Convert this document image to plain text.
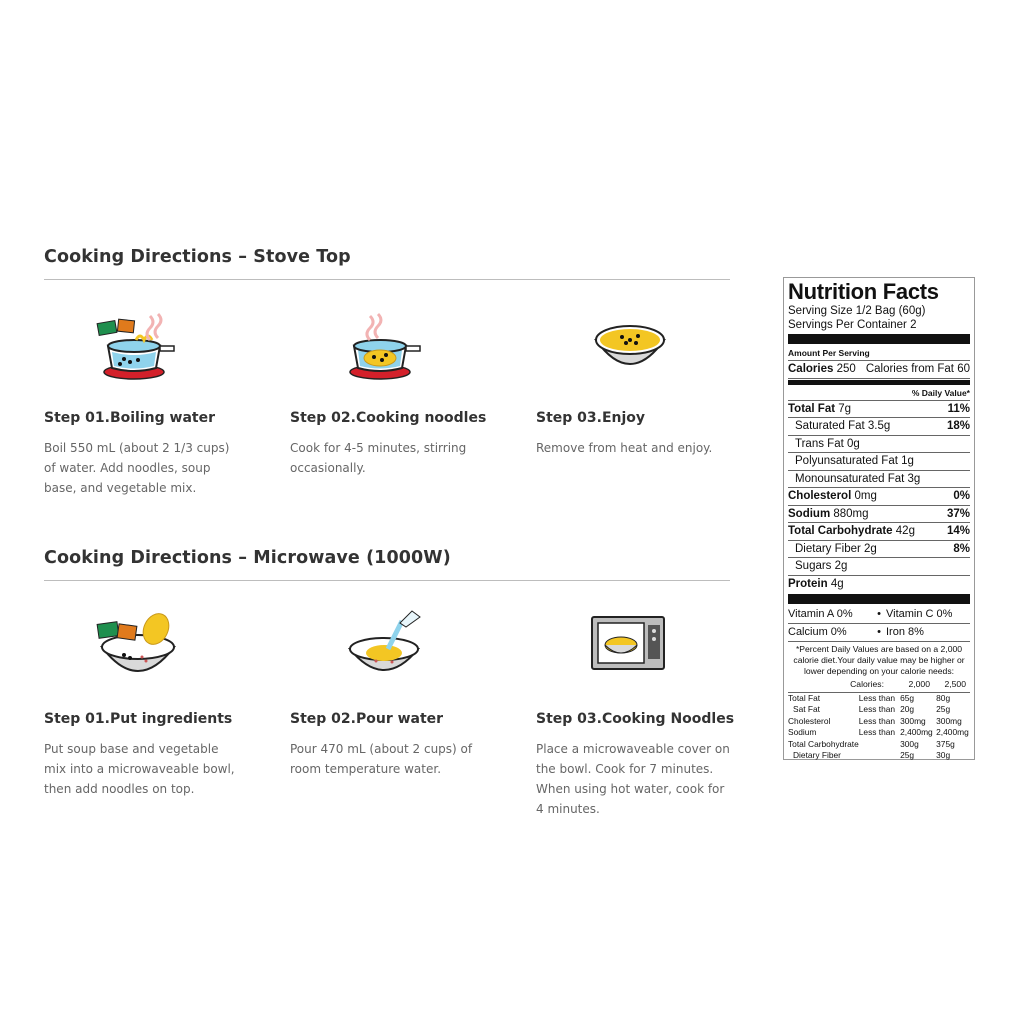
Cooking Directions – Stove Top
Step 01.Boiling water
Boil 550 mL (about 2 1/3 cups) of water. Add noodles, soup base, and vegetable mix.
Step 02.Cooking noodles
Cook for 4-5 minutes, stirring occasionally.
Step 03.Enjoy
Remove from heat and enjoy.
Cooking Directions – Microwave (1000W)
Step 01.Put ingredients
Put soup base and vegetable mix into a microwaveable bowl, then add noodles on top.
Step 02.Pour water
Pour 470 mL (about 2 cups) of room temperature water.
Step 03.Cooking Noodles
Place a microwaveable cover on the bowl. Cook for 7 minutes. When using hot water, cook for 4 minutes.
Nutrition Facts
Serving Size 1/2 Bag (60g)
Servings Per Container 2
Amount Per Serving
Calories 250 Calories from Fat 60
% Daily Value*
Total Fat 7g	11%
Saturated Fat 3.5g	18%
Trans Fat 0g
Polyunsaturated Fat 1g
Monounsaturated Fat 3g
Cholesterol 0mg	0%
Sodium 880mg	37%
Total Carbohydrate 42g	14%
Dietary Fiber 2g	8%
Sugars 2g
Protein 4g
Vitamin A 0%	• Vitamin C 0%
Calcium 0%	• Iron 8%
*Percent Daily Values are based on a 2,000 calorie diet.Your daily value may be higher or lower depending on your calorie needs:
Calories:	2,000	2,500
Total Fat	Less than	65g	80g
Sat Fat	Less than	20g	25g
Cholesterol	Less than	300mg	300mg
Sodium	Less than	2,400mg	2,400mg
Total Carbohydrate		300g	375g
Dietary Fiber		25g	30g
